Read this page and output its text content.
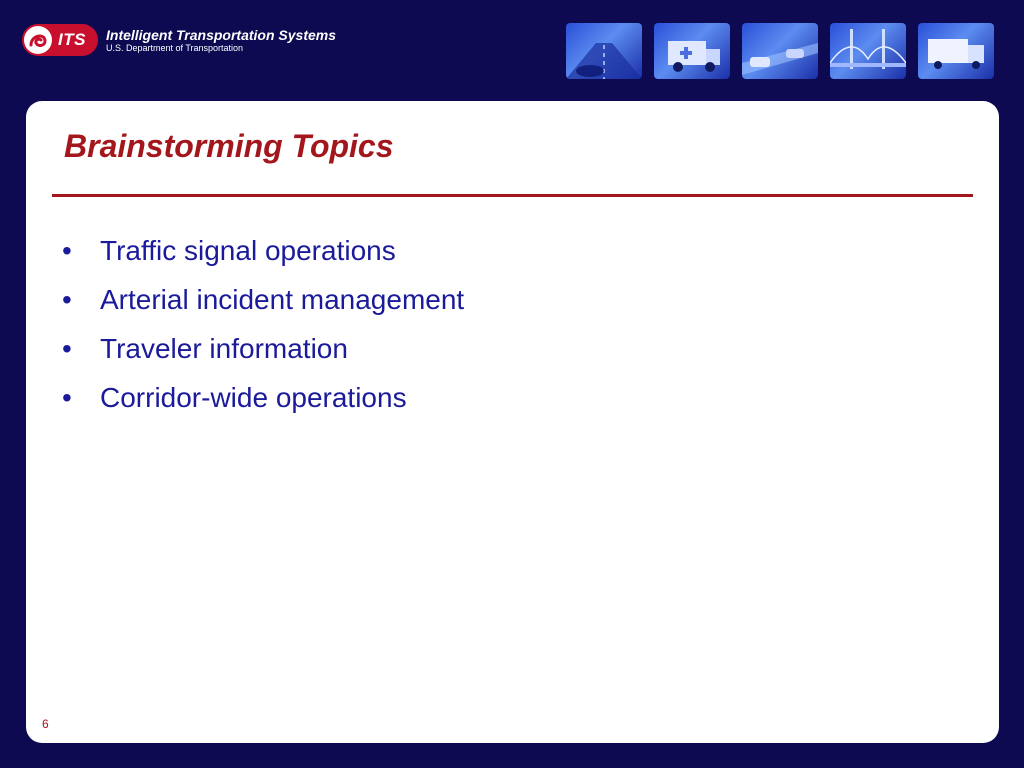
ITS Intelligent Transportation Systems
U.S. Department of Transportation
Brainstorming Topics
•	Traffic signal operations
•	Arterial incident management
•	Traveler information
•	Corridor-wide operations
6
